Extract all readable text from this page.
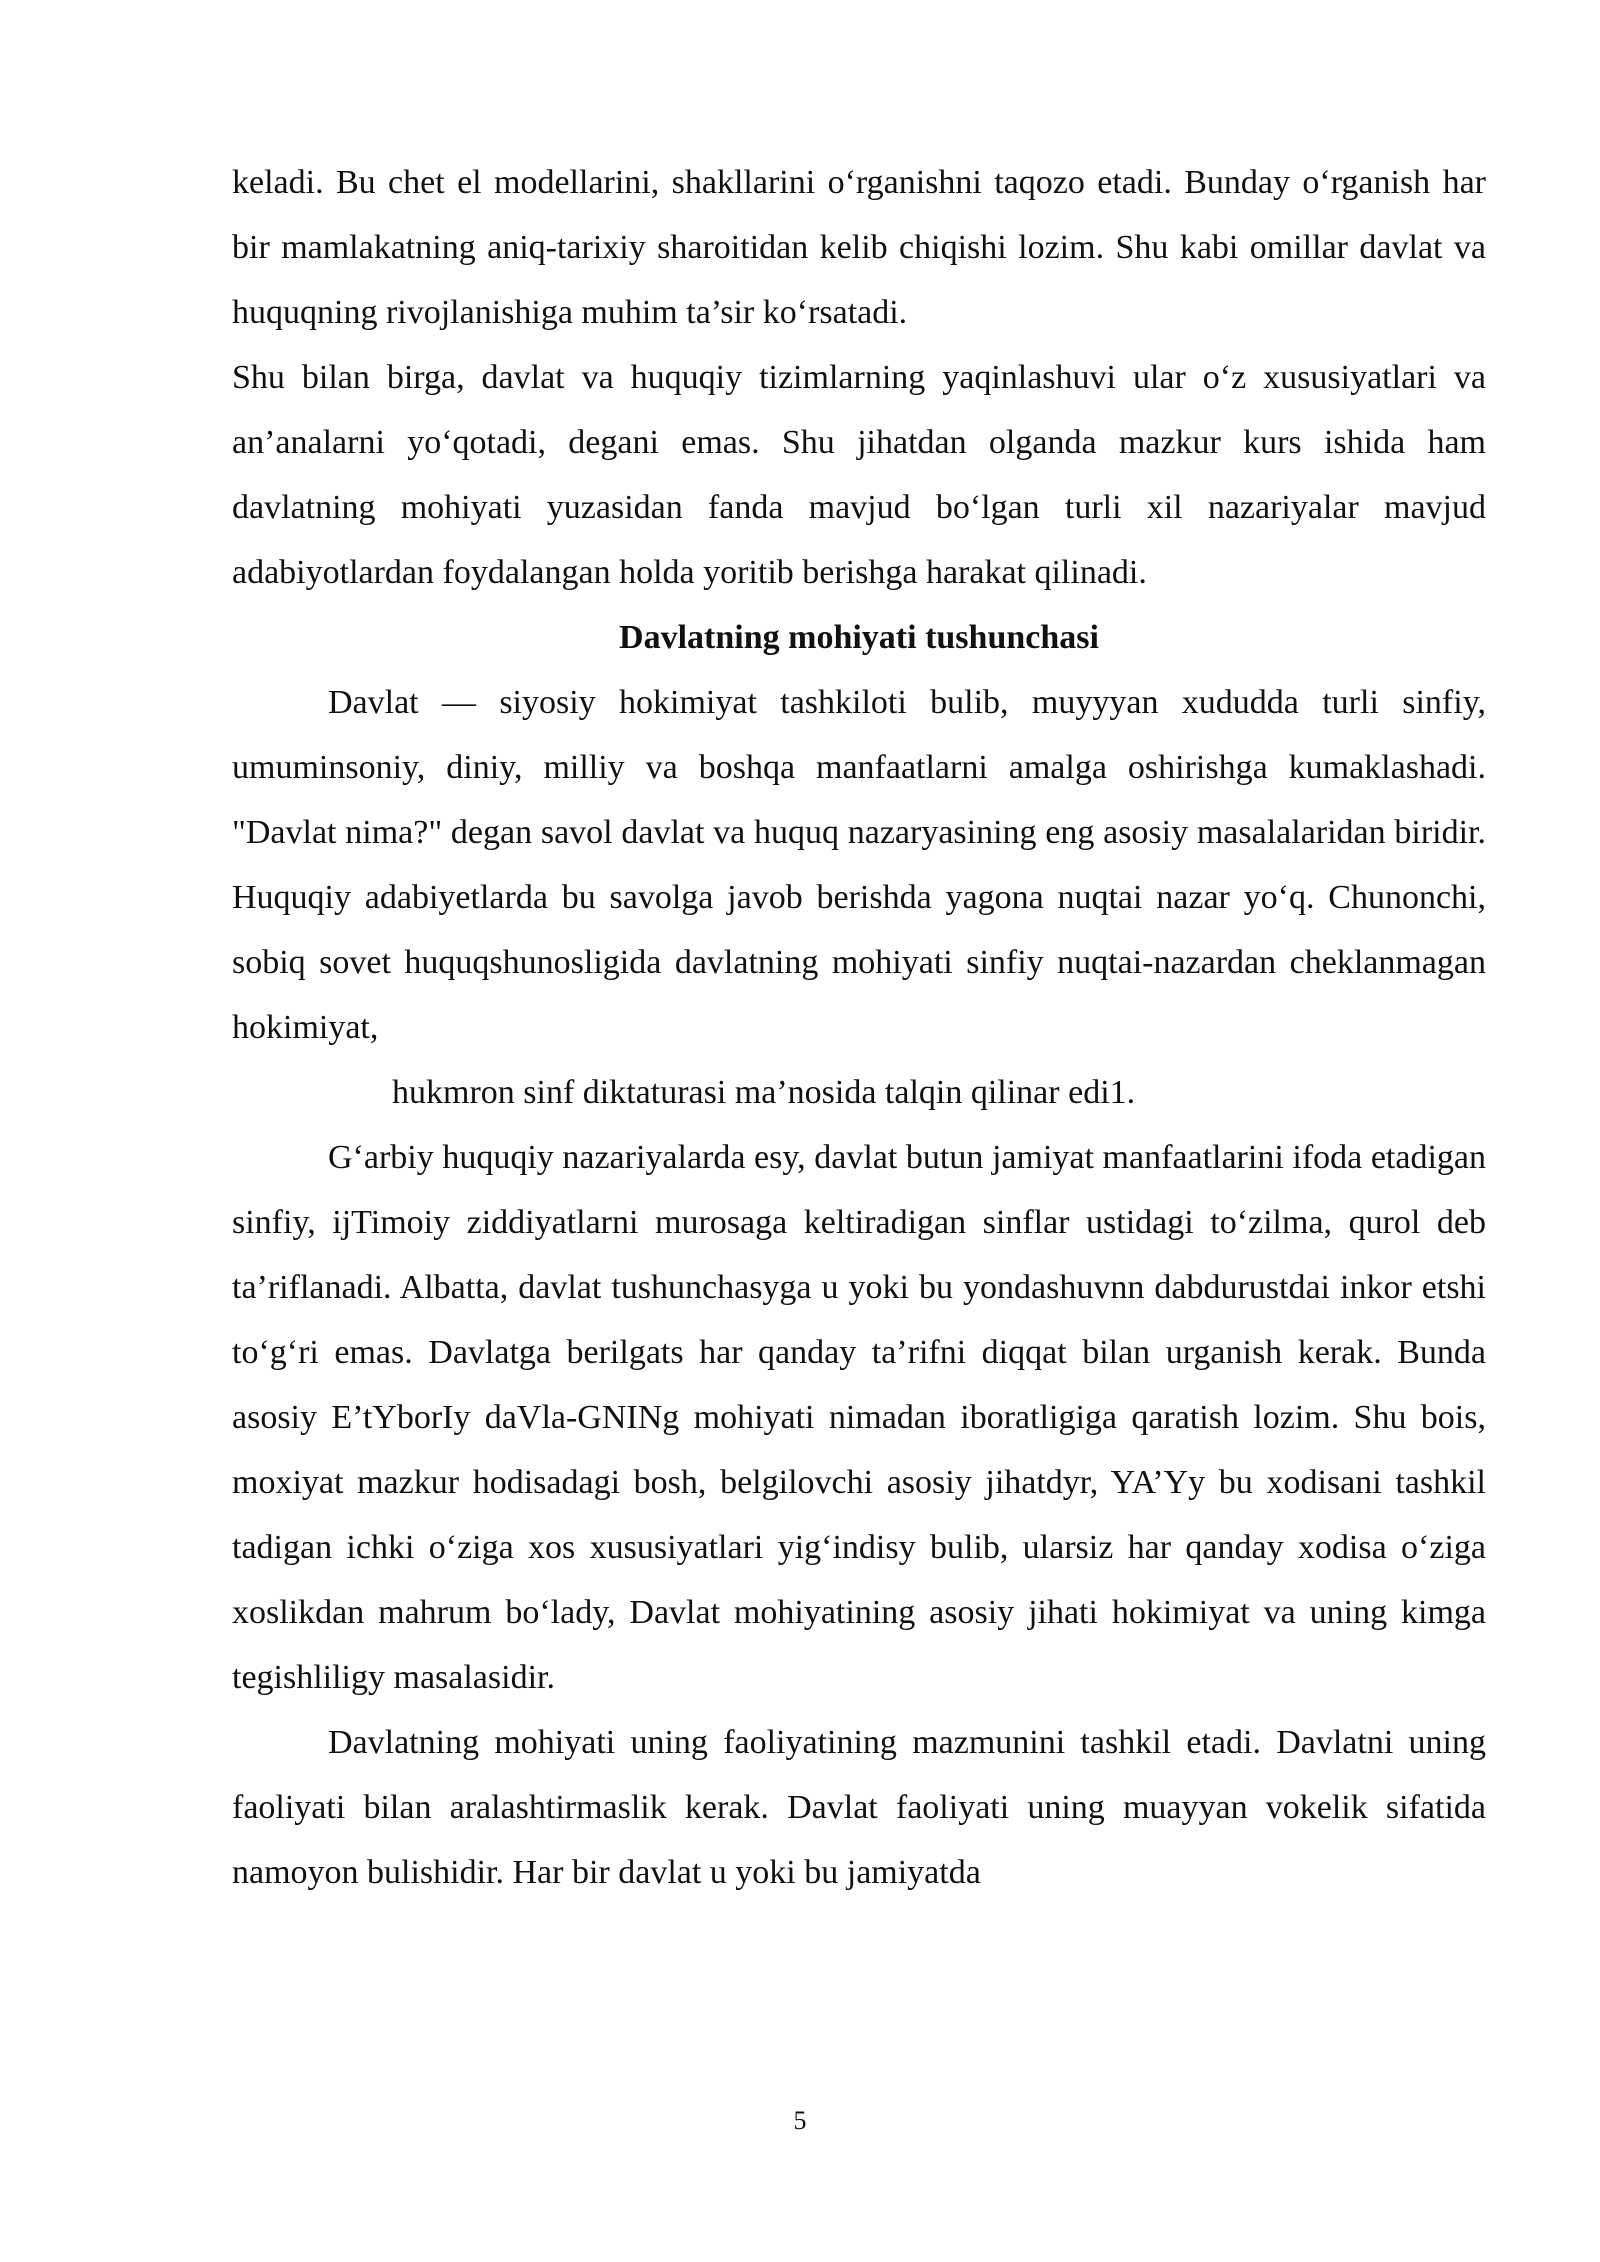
keladi. Bu chet el modellarini, shakllarini o‘rganishni taqozo etadi. Bunday o‘rganish har bir mamlakatning aniq-tarixiy sharoitidan kelib chiqishi lozim. Shu kabi omillar davlat va huquqning rivojlanishiga muhim ta’sir ko‘rsatadi.

Shu bilan birga, davlat va huquqiy tizimlarning yaqinlashuvi ular o‘z xususiyatlari va an’analarni yo‘qotadi, degani emas. Shu jihatdan olganda mazkur kurs ishida ham davlatning mohiyati yuzasidan fanda mavjud bo‘lgan turli xil nazariyalar mavjud adabiyotlardan foydalangan holda yoritib berishga harakat qilinadi.

Davlatning mohiyati tushunchasi

Davlat — siyosiy hokimiyat tashkiloti bulib, muyyyan xududda turli sinfiy, umuminsoniy, diniy, milliy va boshqa manfaatlarni amalga oshirishga kumaklashadi. "Davlat nima?" degan savol davlat va huquq nazaryasining eng asosiy masalalaridan biridir. Huquqiy adabiyetlarda bu savolga javob berishda yagona nuqtai nazar yo‘q. Chunonchi, sobiq sovet huquqshunosligida davlatning mohiyati sinfiy nuqtai-nazardan cheklanmagan hokimiyat,

hukmron sinf diktaturasi ma’nosida talqin qilinar edi1.

G‘arbiy huquqiy nazariyalarda esy, davlat butun jamiyat manfaatlarini ifoda etadigan sinfiy, ijTimoiy ziddiyatlarni murosaga keltiradigan sinflar ustidagi to‘zilma, qurol deb ta’riflanadi. Albatta, davlat tushunchasyga u yoki bu yondashuvnn dabdurustdai inkor etshi to‘g‘ri emas. Davlatga berilgats har qanday ta’rifni diqqat bilan urganish kerak. Bunda asosiy E’tYborIy daVla-GNINg mohiyati nimadan iboratligiga qaratish lozim. Shu bois, moxiyat mazkur hodisadagi bosh, belgilovchi asosiy jihatdyr, YA’Yy bu xodisani tashkil tadigan ichki o‘ziga xos xususiyatlari yig‘indisy bulib, ularsiz har qanday xodisa o‘ziga xoslikdan mahrum bo‘lady, Davlat mohiyatining asosiy jihati hokimiyat va uning kimga tegishliligy masalasidir.

Davlatning mohiyati uning faoliyatining mazmunini tashkil etadi. Davlatni uning faoliyati bilan aralashtirmaslik kerak. Davlat faoliyati uning muayyan vokelik sifatida namoyon bulishidir. Har bir davlat u yoki bu jamiyatda

5
